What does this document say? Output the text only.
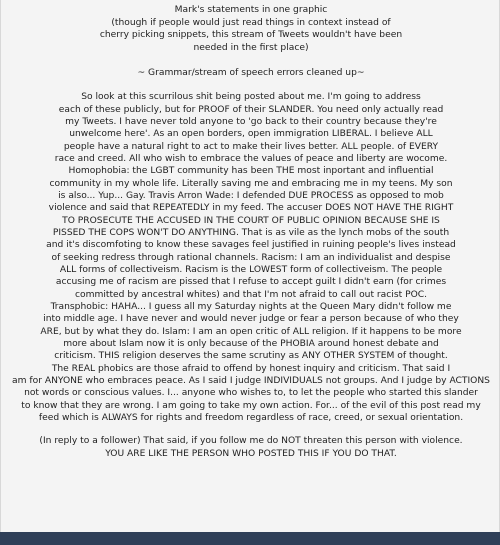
Mark's statements in one graphic
(though if people would just read things in context instead of
cherry picking snippets, this stream of Tweets wouldn't have been
needed in the first place)
~ Grammar/stream of speech errors cleaned up~
So look at this scurrilous shit being posted about me. I'm going to address
each of these publicly, but for PROOF of their SLANDER. You need only actually read
my Tweets. I have never told anyone to 'go back to their country because they're
unwelcome here'. As an open borders, open immigration LIBERAL. I believe ALL
people have a natural right to act to make their lives better. ALL people. of EVERY
race and creed. All who wish to embrace the values of peace and liberty are wocome.
Homophobia: the LGBT community has been THE most inportant and influential
community in my whole life. Literally saving me and embracing me in my teens. My son
is also... Yup... Gay. Travis Arron Wade: I defended DUE PROCESS as opposed to mob
violence and said that REPEATEDLY in my feed. The accuser DOES NOT HAVE THE RIGHT
TO PROSECUTE THE ACCUSED IN THE COURT OF PUBLIC OPINION BECAUSE SHE IS
PISSED THE COPS WON'T DO ANYTHING. That is as vile as the lynch mobs of the south
and it's discomfoting to know these savages feel justified in ruining people's lives instead
of seeking redress through rational channels. Racism: I am an individualist and despise
ALL forms of collectiveism. Racism is the LOWEST form of collectiveism. The people
accusing me of racism are pissed that I refuse to accept guilt I didn't earn (for crimes
committed by ancestral whites) and that I'm not afraid to call out racist POC.
Transphobic: HAHA... I guess all my Saturday nights at the Queen Mary didn't follow me
into middle age. I have never and would never judge or fear a person because of who they
ARE, but by what they do. Islam: I am an open critic of ALL religion. If it happens to be more
more about Islam now it is only because of the PHOBIA around honest debate and
criticism. THIS religion deserves the same scrutiny as ANY OTHER SYSTEM of thought.
The REAL phobics are those afraid to offend by honest inquiry and criticism. That said I
am for ANYONE who embraces peace. As I said I judge INDIVIDUALS not groups. And I judge by ACTIONS
not words or conscious values. I... anyone who wishes to, to let the people who started this slander
to know that they are wrong. I am going to take my own action. For... of the evil of this post read my
feed which is ALWAYS for rights and freedom regardless of race, creed, or sexual orientation.
(In reply to a follower) That said, if you follow me do NOT threaten this person with violence.
YOU ARE LIKE THE PERSON WHO POSTED THIS IF YOU DO THAT.
